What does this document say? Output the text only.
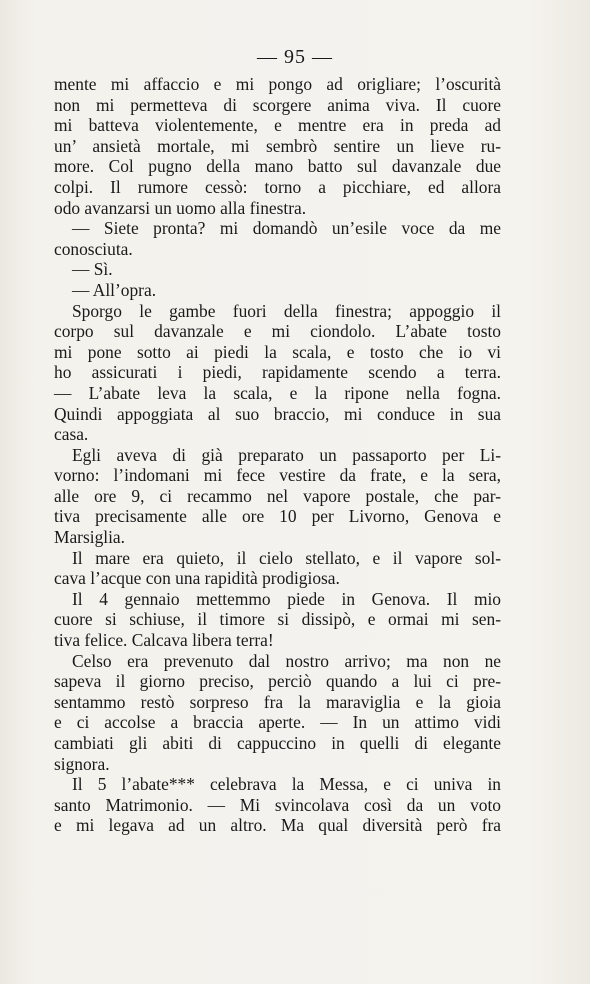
— 95 —
mente mi affaccio e mi pongo ad origliare; l’oscurità
non mi permetteva di scorgere anima viva. Il cuore
mi batteva violentemente, e mentre era in preda ad
un’ ansietà mortale, mi sembrò sentire un lieve ru-
more. Col pugno della mano batto sul davanzale due
colpi. Il rumore cessò: torno a picchiare, ed allora
odo avanzarsi un uomo alla finestra.
— Siete pronta? mi domandò un’esile voce da me
conosciuta.
— Sì.
— All’opra.
Sporgo le gambe fuori della finestra; appoggio il
corpo sul davanzale e mi ciondolo. L’abate tosto
mi pone sotto ai piedi la scala, e tosto che io vi
ho assicurati i piedi, rapidamente scendo a terra.
— L’abate leva la scala, e la ripone nella fogna.
Quindi appoggiata al suo braccio, mi conduce in sua
casa.
Egli aveva di già preparato un passaporto per Li-
vorno: l’indomani mi fece vestire da frate, e la sera,
alle ore 9, ci recammo nel vapore postale, che par-
tiva precisamente alle ore 10 per Livorno, Genova e
Marsiglia.
Il mare era quieto, il cielo stellato, e il vapore sol-
cava l’acque con una rapidità prodigiosa.
Il 4 gennaio mettemmo piede in Genova. Il mio
cuore si schiuse, il timore si dissipò, e ormai mi sen-
tiva felice. Calcava libera terra!
Celso era prevenuto dal nostro arrivo; ma non ne
sapeva il giorno preciso, perciò quando a lui ci pre-
sentammo restò sorpreso fra la maraviglia e la gioia
e ci accolse a braccia aperte. — In un attimo vidi
cambiati gli abiti di cappuccino in quelli di elegante
signora.
Il 5 l’abate*** celebrava la Messa, e ci univa in
santo Matrimonio. — Mi svincolava così da un voto
e mi legava ad un altro. Ma qual diversità però fra
